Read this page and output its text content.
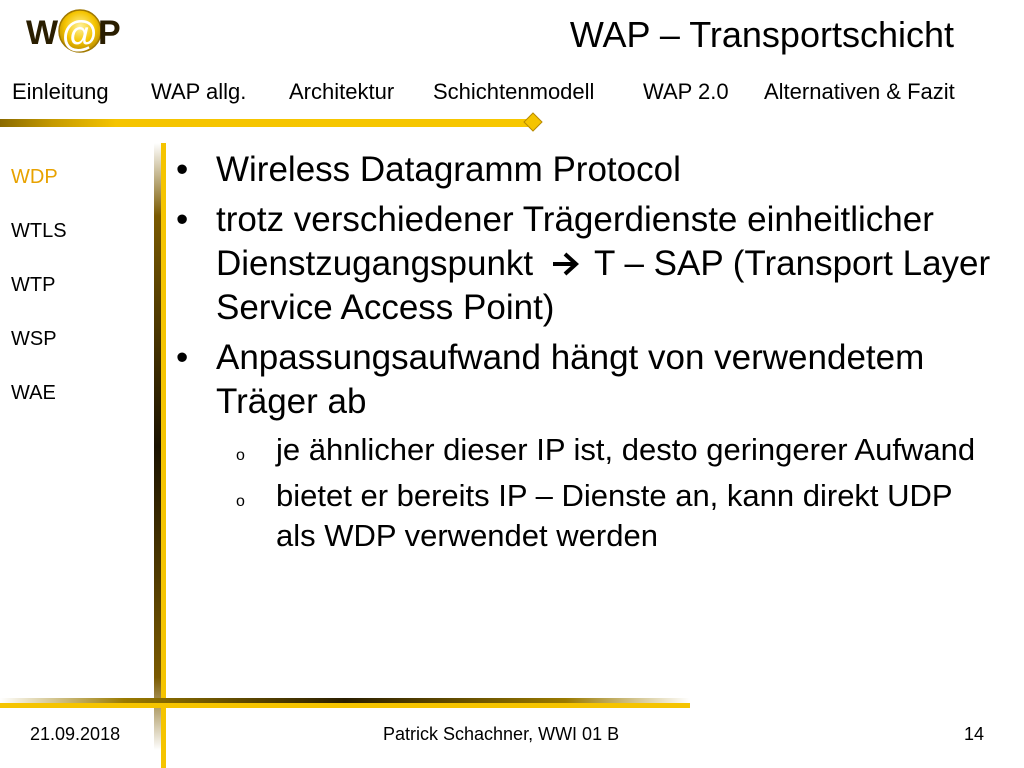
W @ P	WAP – Transportschicht
Einleitung WAP allg. Architektur Schichtenmodell WAP 2.0 Alternativen & Fazit
WDP
WTLS
WTP
WSP
WAE
• Wireless Datagramm Protocol
• trotz verschiedener Trägerdienste einheitlicher Dienstzugangspunkt T – SAP (Transport Layer Service Access Point)
• Anpassungsaufwand hängt von verwendetem Träger ab
o je ähnlicher dieser IP ist, desto geringerer Aufwand
o bietet er bereits IP – Dienste an, kann direkt UDP als WDP verwendet werden
21.09.2018	Patrick Schachner, WWI 01 B	14
